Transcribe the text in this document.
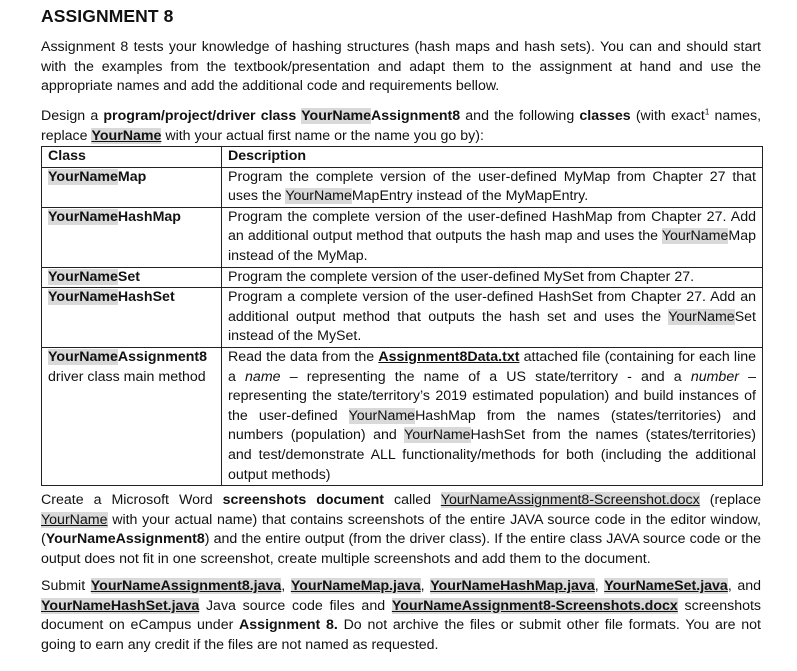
ASSIGNMENT 8

Assignment 8 tests your knowledge of hashing structures (hash maps and hash sets). You can and should start with the examples from the textbook/presentation and adapt them to the assignment at hand and use the appropriate names and add the additional code and requirements bellow.

Design a program/project/driver class YourNameAssignment8 and the following classes (with exact$^1$ names, replace YourName with your actual first name or the name you go by):

Class	Description
YourNameMap	Program the complete version of the user-defined MyMap from Chapter 27 that uses the YourNameMapEntry instead of the MyMapEntry.
YourNameHashMap	Program the complete version of the user-defined HashMap from Chapter 27. Add an additional output method that outputs the hash map and uses the YourNameMap instead of the MyMap.
YourNameSet	Program the complete version of the user-defined MySet from Chapter 27.
YourNameHashSet	Program a complete version of the user-defined HashSet from Chapter 27. Add an additional output method that outputs the hash set and uses the YourNameSet instead of the MySet.
YourNameAssignment8
driver class main method	Read the data from the Assignment8Data.txt attached file (containing for each line a name – representing the name of a US state/territory - and a number – representing the state/territory’s 2019 estimated population) and build instances of the user-defined YourNameHashMap from the names (states/territories) and numbers (population) and YourNameHashSet from the names (states/territories) and test/demonstrate ALL functionality/methods for both (including the additional output methods)

Create a Microsoft Word screenshots document called YourNameAssignment8-Screenshot.docx (replace YourName with your actual name) that contains screenshots of the entire JAVA source code in the editor window, (YourNameAssignment8) and the entire output (from the driver class). If the entire class JAVA source code or the output does not fit in one screenshot, create multiple screenshots and add them to the document.

Submit YourNameAssignment8.java, YourNameMap.java, YourNameHashMap.java, YourNameSet.java, and YourNameHashSet.java Java source code files and YourNameAssignment8-Screenshots.docx screenshots document on eCampus under Assignment 8. Do not archive the files or submit other file formats. You are not going to earn any credit if the files are not named as requested.
